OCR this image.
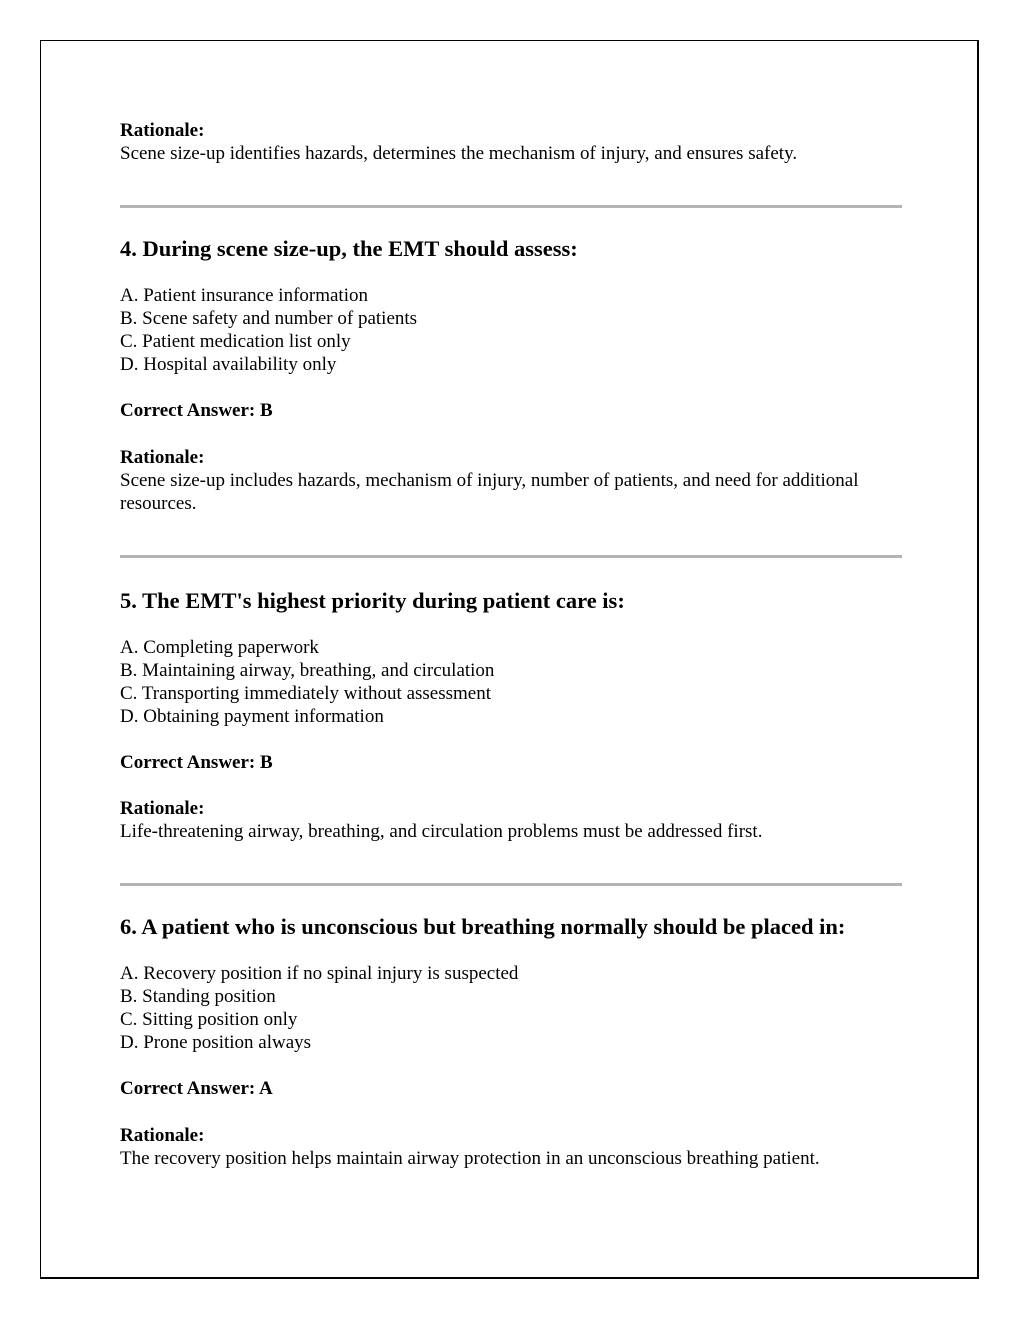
Rationale:

Scene size-up identifies hazards, determines the mechanism of injury, and ensures safety.

4. During scene size-up, the EMT should assess:
A. Patient insurance information
B. Scene safety and number of patients
C. Patient medication list only
D. Hospital availability only

Correct Answer: B

Rationale:

Scene size-up includes hazards, mechanism of injury, number of patients, and need for additional resources.

5. The EMT's highest priority during patient care is:
A. Completing paperwork
B. Maintaining airway, breathing, and circulation
C. Transporting immediately without assessment
D. Obtaining payment information

Correct Answer: B

Rationale:

Life-threatening airway, breathing, and circulation problems must be addressed first.

6. A patient who is unconscious but breathing normally should be placed in:
A. Recovery position if no spinal injury is suspected
B. Standing position
C. Sitting position only
D. Prone position always

Correct Answer: A

Rationale:

The recovery position helps maintain airway protection in an unconscious breathing patient.
